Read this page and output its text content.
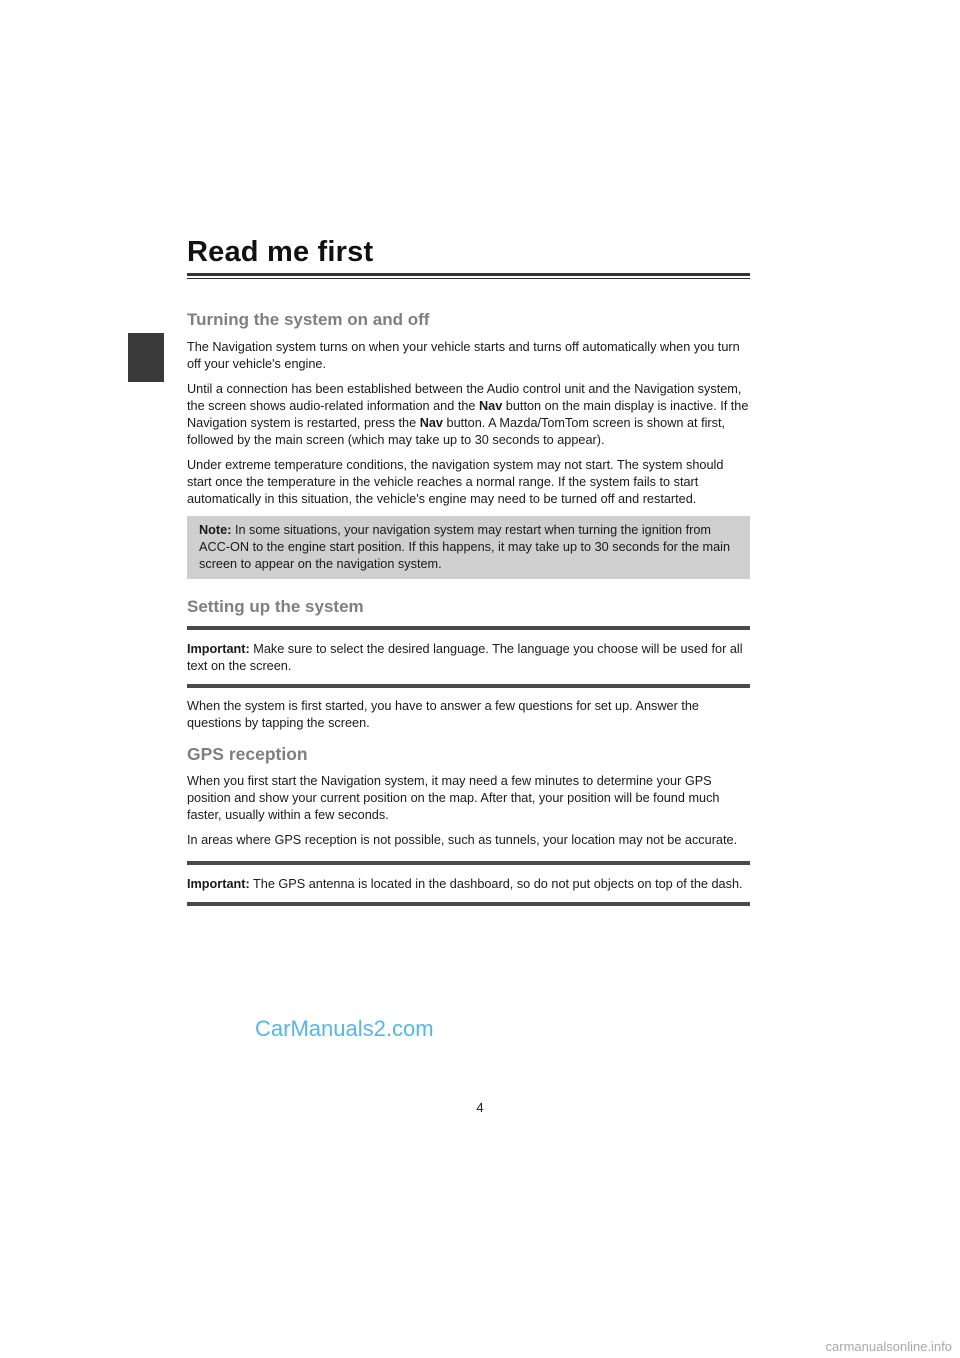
Read me first
Turning the system on and off

The Navigation system turns on when your vehicle starts and turns off automatically when you turn off your vehicle's engine.

Until a connection has been established between the Audio control unit and the Navigation system, the screen shows audio-related information and the Nav button on the main display is inactive. If the Navigation system is restarted, press the Nav button. A Mazda/TomTom screen is shown at first, followed by the main screen (which may take up to 30 seconds to appear).

Under extreme temperature conditions, the navigation system may not start. The system should start once the temperature in the vehicle reaches a normal range. If the system fails to start automatically in this situation, the vehicle's engine may need to be turned off and restarted.

Note: In some situations, your navigation system may restart when turning the ignition from ACC-ON to the engine start position. If this happens, it may take up to 30 seconds for the main screen to appear on the navigation system.

Setting up the system

Important: Make sure to select the desired language. The language you choose will be used for all text on the screen.

When the system is first started, you have to answer a few questions for set up. Answer the questions by tapping the screen.

GPS reception

When you first start the Navigation system, it may need a few minutes to determine your GPS position and show your current position on the map. After that, your position will be found much faster, usually within a few seconds.

In areas where GPS reception is not possible, such as tunnels, your location may not be accurate.

Important: The GPS antenna is located in the dashboard, so do not put objects on top of the dash.

CarManuals2.com

4

carmanualsonline.info
